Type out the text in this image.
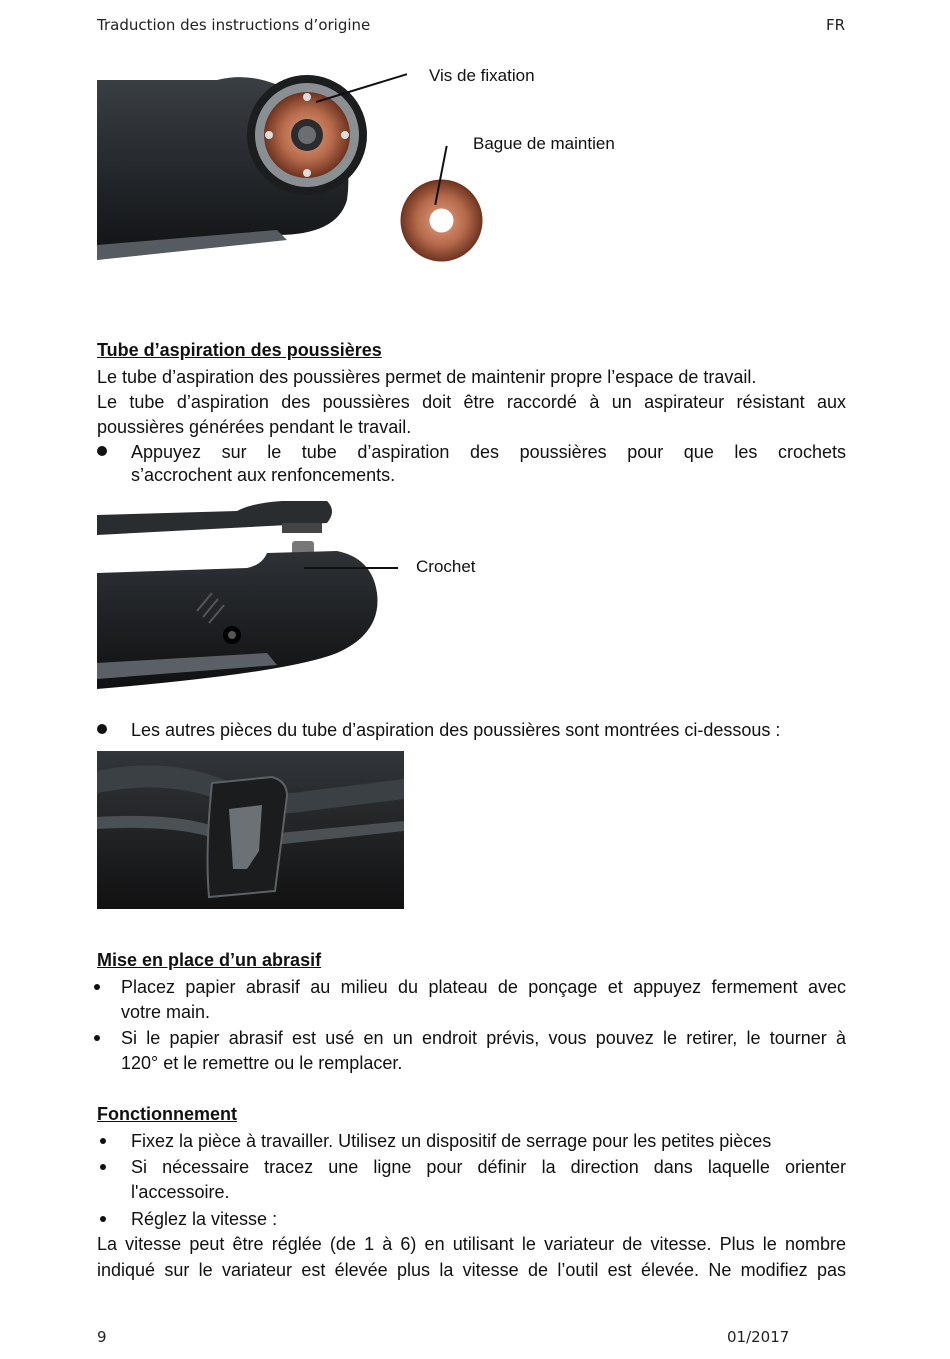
Traduction des instructions d’origine	FR
Vis de fixation
Bague de maintien
Tube d’aspiration des poussières
Le tube d’aspiration des poussières permet de maintenir propre l’espace de travail.
Le tube d’aspiration des poussières doit être raccordé à un aspirateur résistant aux
poussières générées pendant le travail.
Appuyez sur le tube d’aspiration des poussières pour que les crochets
s’accrochent aux renfoncements.
Crochet
Les autres pièces du tube d’aspiration des poussières sont montrées ci-dessous :
Mise en place d’un abrasif
Placez papier abrasif au milieu du plateau de ponçage et appuyez fermement avec
votre main.
Si le papier abrasif est usé en un endroit prévis, vous pouvez le retirer, le tourner à
120° et le remettre ou le remplacer.
Fonctionnement
Fixez la pièce à travailler. Utilisez un dispositif de serrage pour les petites pièces
Si nécessaire tracez une ligne pour définir la direction dans laquelle orienter
l'accessoire.
Réglez la vitesse :
La vitesse peut être réglée (de 1 à 6) en utilisant le variateur de vitesse. Plus le nombre
indiqué sur le variateur est élevée plus la vitesse de l’outil est élevée. Ne modifiez pas
9	01/2017
